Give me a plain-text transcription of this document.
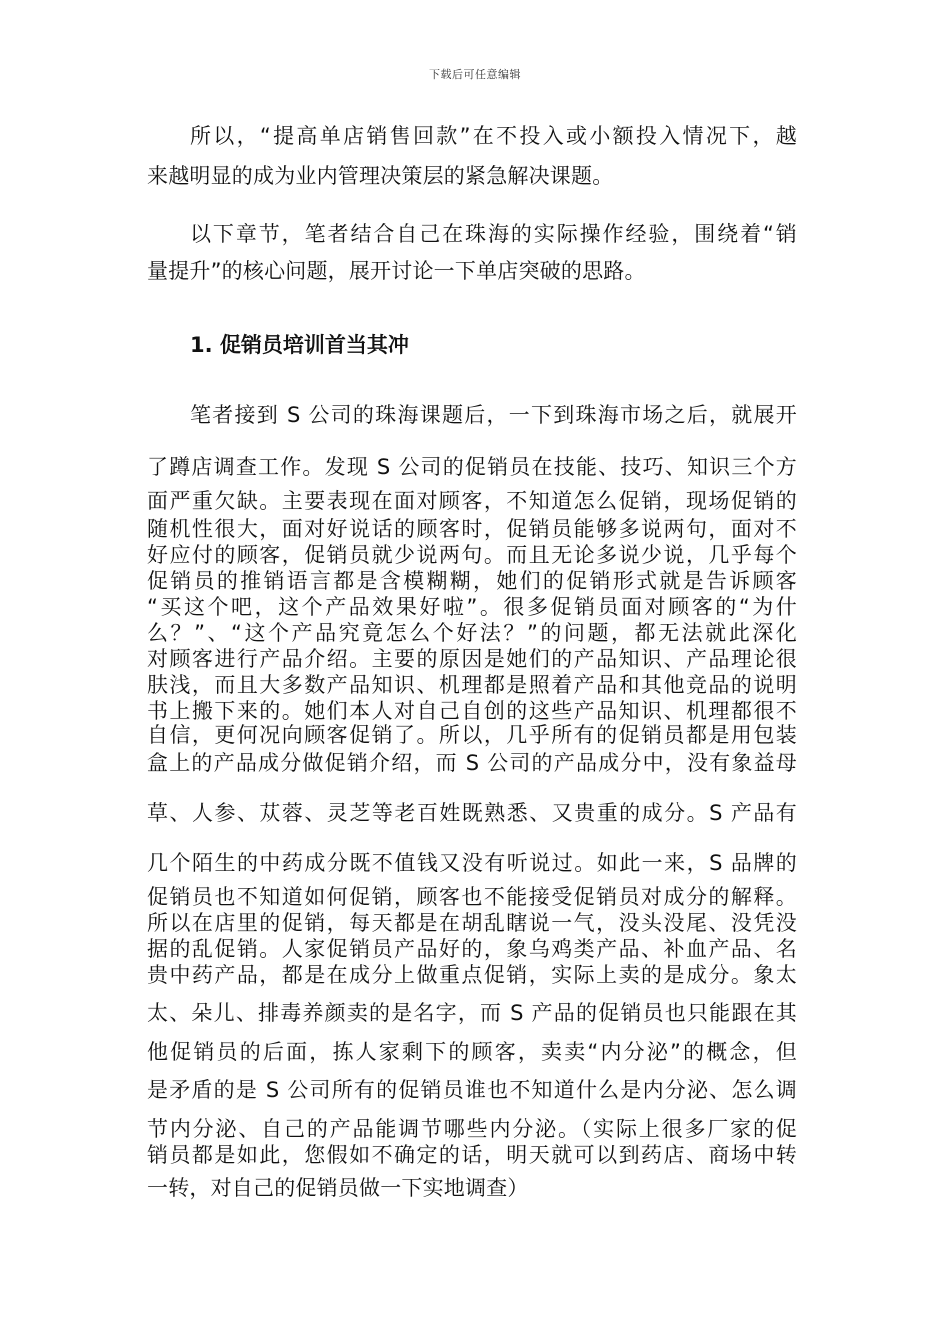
下载后可任意编辑
所以，“提高单店销售回款”在不投入或小额投入情况下，越
来越明显的成为业内管理决策层的紧急解决课题。
以下章节，笔者结合自己在珠海的实际操作经验，围绕着“销
量提升”的核心问题，展开讨论一下单店突破的思路。
1. 促销员培训首当其冲
笔者接到 S 公司的珠海课题后，一下到珠海市场之后，就展开
了蹲店调查工作。发现 S 公司的促销员在技能、技巧、知识三个方
面严重欠缺。主要表现在面对顾客，不知道怎么促销，现场促销的
随机性很大，面对好说话的顾客时，促销员能够多说两句，面对不
好应付的顾客，促销员就少说两句。而且无论多说少说，几乎每个
促销员的推销语言都是含模糊糊，她们的促销形式就是告诉顾客
“买这个吧，这个产品效果好啦”。很多促销员面对顾客的“为什
么？”、“这个产品究竟怎么个好法？”的问题，都无法就此深化
对顾客进行产品介绍。主要的原因是她们的产品知识、产品理论很
肤浅，而且大多数产品知识、机理都是照着产品和其他竞品的说明
书上搬下来的。她们本人对自己自创的这些产品知识、机理都很不
自信，更何况向顾客促销了。所以，几乎所有的促销员都是用包装
盒上的产品成分做促销介绍，而 S 公司的产品成分中，没有象益母
草、人参、苁蓉、灵芝等老百姓既熟悉、又贵重的成分。S 产品有
几个陌生的中药成分既不值钱又没有听说过。如此一来，S 品牌的
促销员也不知道如何促销，顾客也不能接受促销员对成分的解释。
所以在店里的促销，每天都是在胡乱瞎说一气，没头没尾、没凭没
据的乱促销。人家促销员产品好的，象乌鸡类产品、补血产品、名
贵中药产品，都是在成分上做重点促销，实际上卖的是成分。象太
太、朵儿、排毒养颜卖的是名字，而 S 产品的促销员也只能跟在其
他促销员的后面，拣人家剩下的顾客，卖卖“内分泌”的概念，但
是矛盾的是 S 公司所有的促销员谁也不知道什么是内分泌、怎么调
节内分泌、自己的产品能调节哪些内分泌。（实际上很多厂家的促
销员都是如此，您假如不确定的话，明天就可以到药店、商场中转
一转，对自己的促销员做一下实地调查）
